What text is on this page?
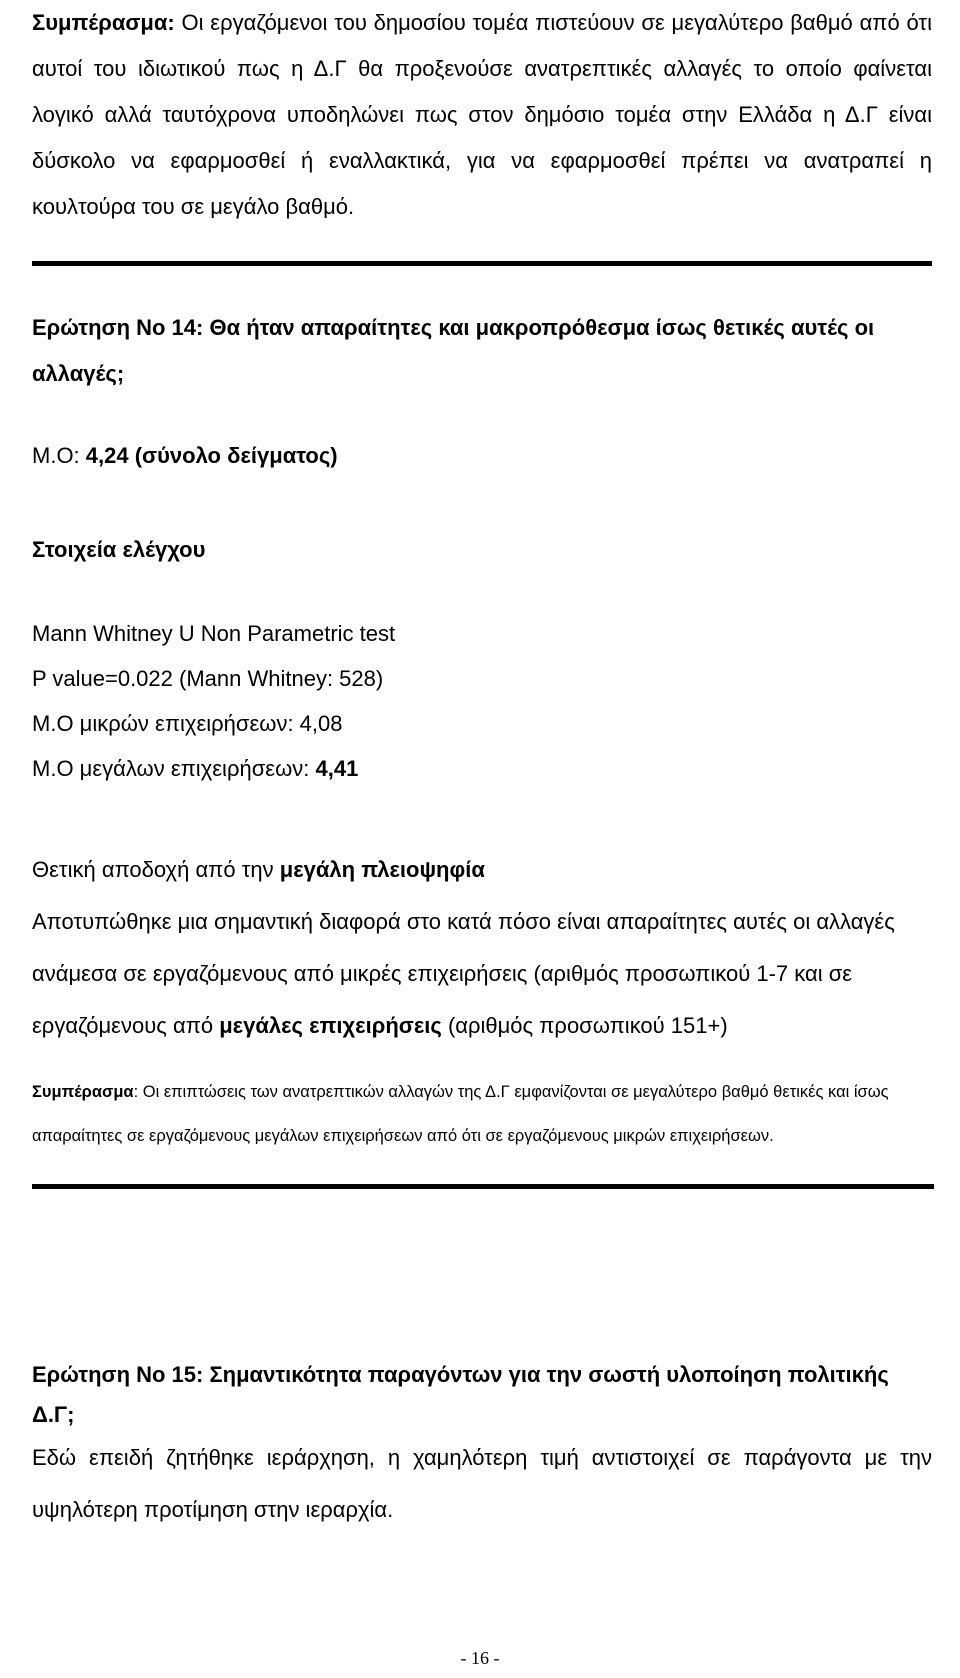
Συμπέρασμα: Οι εργαζόμενοι του δημοσίου τομέα πιστεύουν σε μεγαλύτερο βαθμό από ότι αυτοί του ιδιωτικού πως η Δ.Γ θα προξενούσε ανατρεπτικές αλλαγές το οποίο φαίνεται λογικό αλλά ταυτόχρονα υποδηλώνει πως στον δημόσιο τομέα στην Ελλάδα η Δ.Γ είναι δύσκολο να εφαρμοσθεί ή εναλλακτικά, για να εφαρμοσθεί πρέπει να ανατραπεί η κουλτούρα του σε μεγάλο βαθμό.
Ερώτηση Νο 14: Θα ήταν απαραίτητες και μακροπρόθεσμα ίσως θετικές αυτές οι αλλαγές;
Μ.Ο: 4,24 (σύνολο δείγματος)
Στοιχεία ελέγχου
Mann Whitney U Non Parametric test
P value=0.022 (Mann Whitney: 528)
Μ.Ο μικρών επιχειρήσεων: 4,08
Μ.Ο μεγάλων επιχειρήσεων: 4,41
Θετική αποδοχή από την μεγάλη πλειοψηφία
Αποτυπώθηκε μια σημαντική διαφορά στο κατά πόσο είναι απαραίτητες αυτές οι αλλαγές ανάμεσα σε εργαζόμενους από μικρές επιχειρήσεις (αριθμός προσωπικού 1-7 και σε εργαζόμενους από μεγάλες επιχειρήσεις (αριθμός προσωπικού 151+)
Συμπέρασμα: Οι επιπτώσεις των ανατρεπτικών αλλαγών της Δ.Γ εμφανίζονται σε μεγαλύτερο βαθμό θετικές και ίσως απαραίτητες σε εργαζόμενους μεγάλων επιχειρήσεων από ότι σε εργαζόμενους μικρών επιχειρήσεων.
Ερώτηση Νο 15: Σημαντικότητα παραγόντων για την σωστή υλοποίηση πολιτικής Δ.Γ;
Εδώ επειδή ζητήθηκε ιεράρχηση, η χαμηλότερη τιμή αντιστοιχεί σε παράγοντα με την υψηλότερη προτίμηση στην ιεραρχία.
- 16 -
